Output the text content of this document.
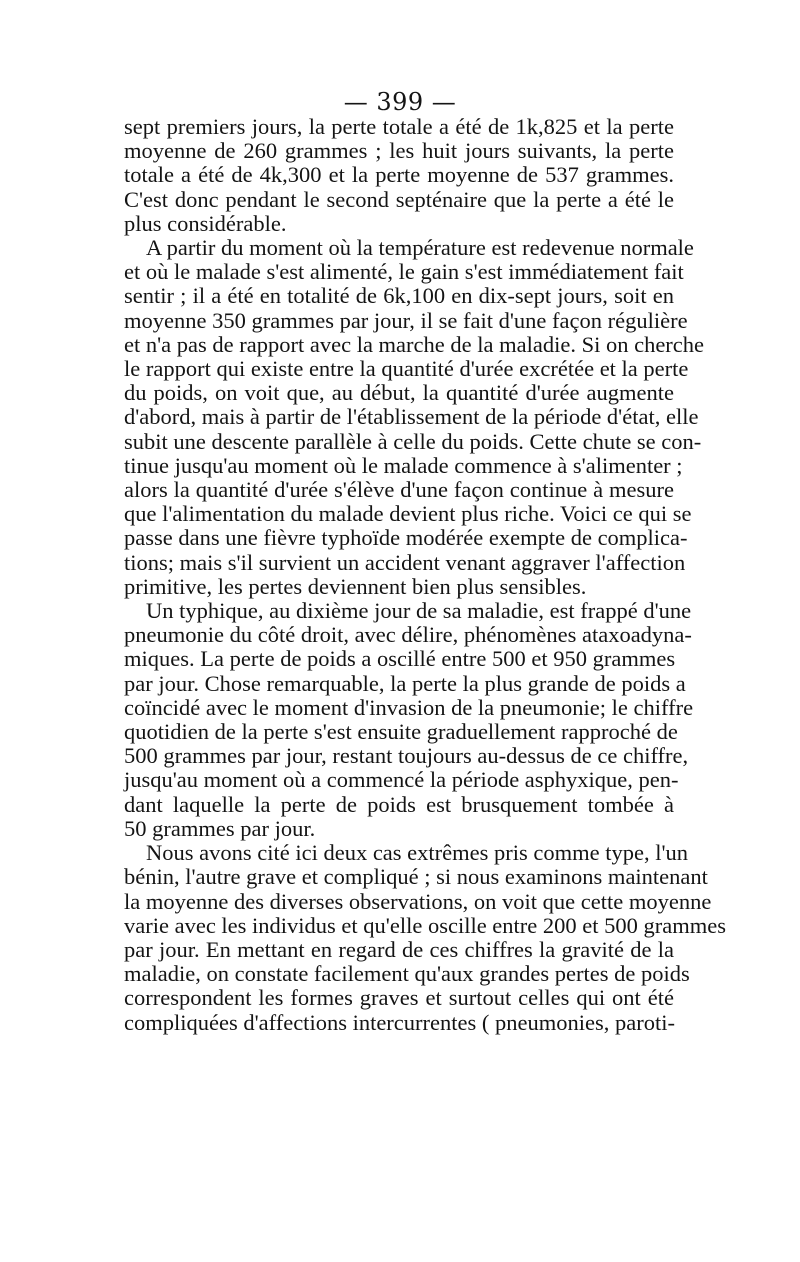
— 399 —
sept premiers jours, la perte totale a été de 1k,825 et la perte
moyenne de 260 grammes ; les huit jours suivants, la perte
totale a été de 4k,300 et la perte moyenne de 537 grammes.
C'est donc pendant le second septénaire que la perte a été le
plus considérable.
A partir du moment où la température est redevenue normale
et où le malade s'est alimenté, le gain s'est immédiatement fait
sentir ; il a été en totalité de 6k,100 en dix-sept jours, soit en
moyenne 350 grammes par jour, il se fait d'une façon régulière
et n'a pas de rapport avec la marche de la maladie. Si on cherche
le rapport qui existe entre la quantité d'urée excrétée et la perte
du poids, on voit que, au début, la quantité d'urée augmente
d'abord, mais à partir de l'établissement de la période d'état, elle
subit une descente parallèle à celle du poids. Cette chute se con-
tinue jusqu'au moment où le malade commence à s'alimenter ;
alors la quantité d'urée s'élève d'une façon continue à mesure
que l'alimentation du malade devient plus riche. Voici ce qui se
passe dans une fièvre typhoïde modérée exempte de complica-
tions; mais s'il survient un accident venant aggraver l'affection
primitive, les pertes deviennent bien plus sensibles.
Un typhique, au dixième jour de sa maladie, est frappé d'une
pneumonie du côté droit, avec délire, phénomènes ataxoadyna-
miques. La perte de poids a oscillé entre 500 et 950 grammes
par jour. Chose remarquable, la perte la plus grande de poids a
coïncidé avec le moment d'invasion de la pneumonie; le chiffre
quotidien de la perte s'est ensuite graduellement rapproché de
500 grammes par jour, restant toujours au-dessus de ce chiffre,
jusqu'au moment où a commencé la période asphyxique, pen-
dant laquelle la perte de poids est brusquement tombée à
50 grammes par jour.
Nous avons cité ici deux cas extrêmes pris comme type, l'un
bénin, l'autre grave et compliqué ; si nous examinons maintenant
la moyenne des diverses observations, on voit que cette moyenne
varie avec les individus et qu'elle oscille entre 200 et 500 grammes
par jour. En mettant en regard de ces chiffres la gravité de la
maladie, on constate facilement qu'aux grandes pertes de poids
correspondent les formes graves et surtout celles qui ont été
compliquées d'affections intercurrentes ( pneumonies, paroti-
